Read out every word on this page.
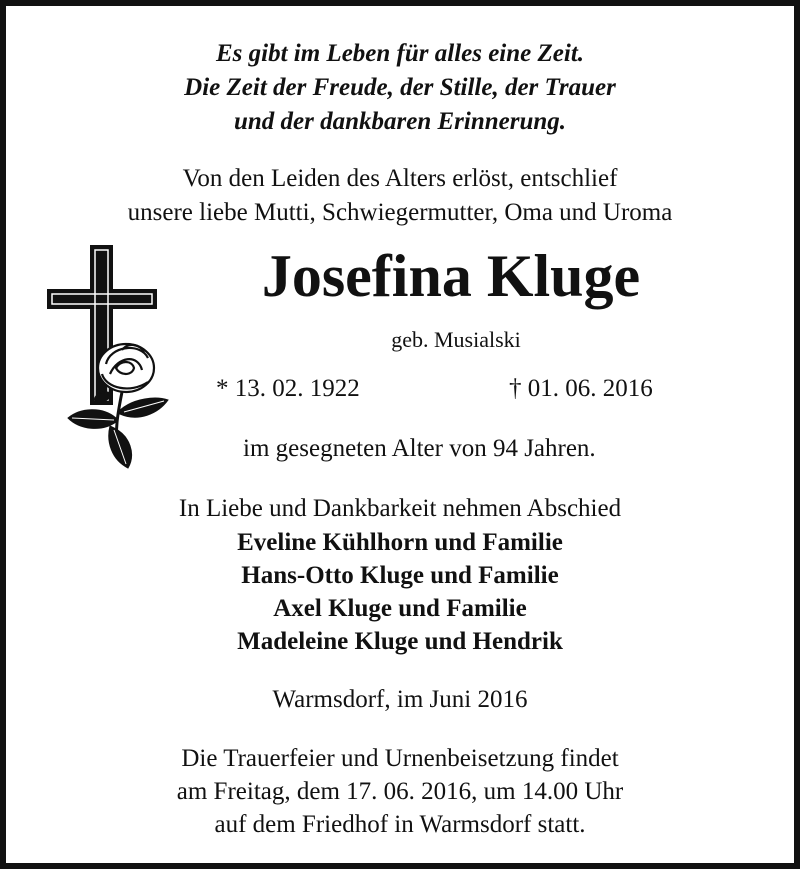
Es gibt im Leben für alles eine Zeit.
Die Zeit der Freude, der Stille, der Trauer
und der dankbaren Erinnerung.
Von den Leiden des Alters erlöst, entschlief
unsere liebe Mutti, Schwiegermutter, Oma und Uroma
Josefina Kluge
geb. Musialski
* 13. 02. 1922	† 01. 06. 2016
im gesegneten Alter von 94 Jahren.
In Liebe und Dankbarkeit nehmen Abschied
Eveline Kühlhorn und Familie
Hans-Otto Kluge und Familie
Axel Kluge und Familie
Madeleine Kluge und Hendrik
Warmsdorf, im Juni 2016
Die Trauerfeier und Urnenbeisetzung findet
am Freitag, dem 17. 06. 2016, um 14.00 Uhr
auf dem Friedhof in Warmsdorf statt.
